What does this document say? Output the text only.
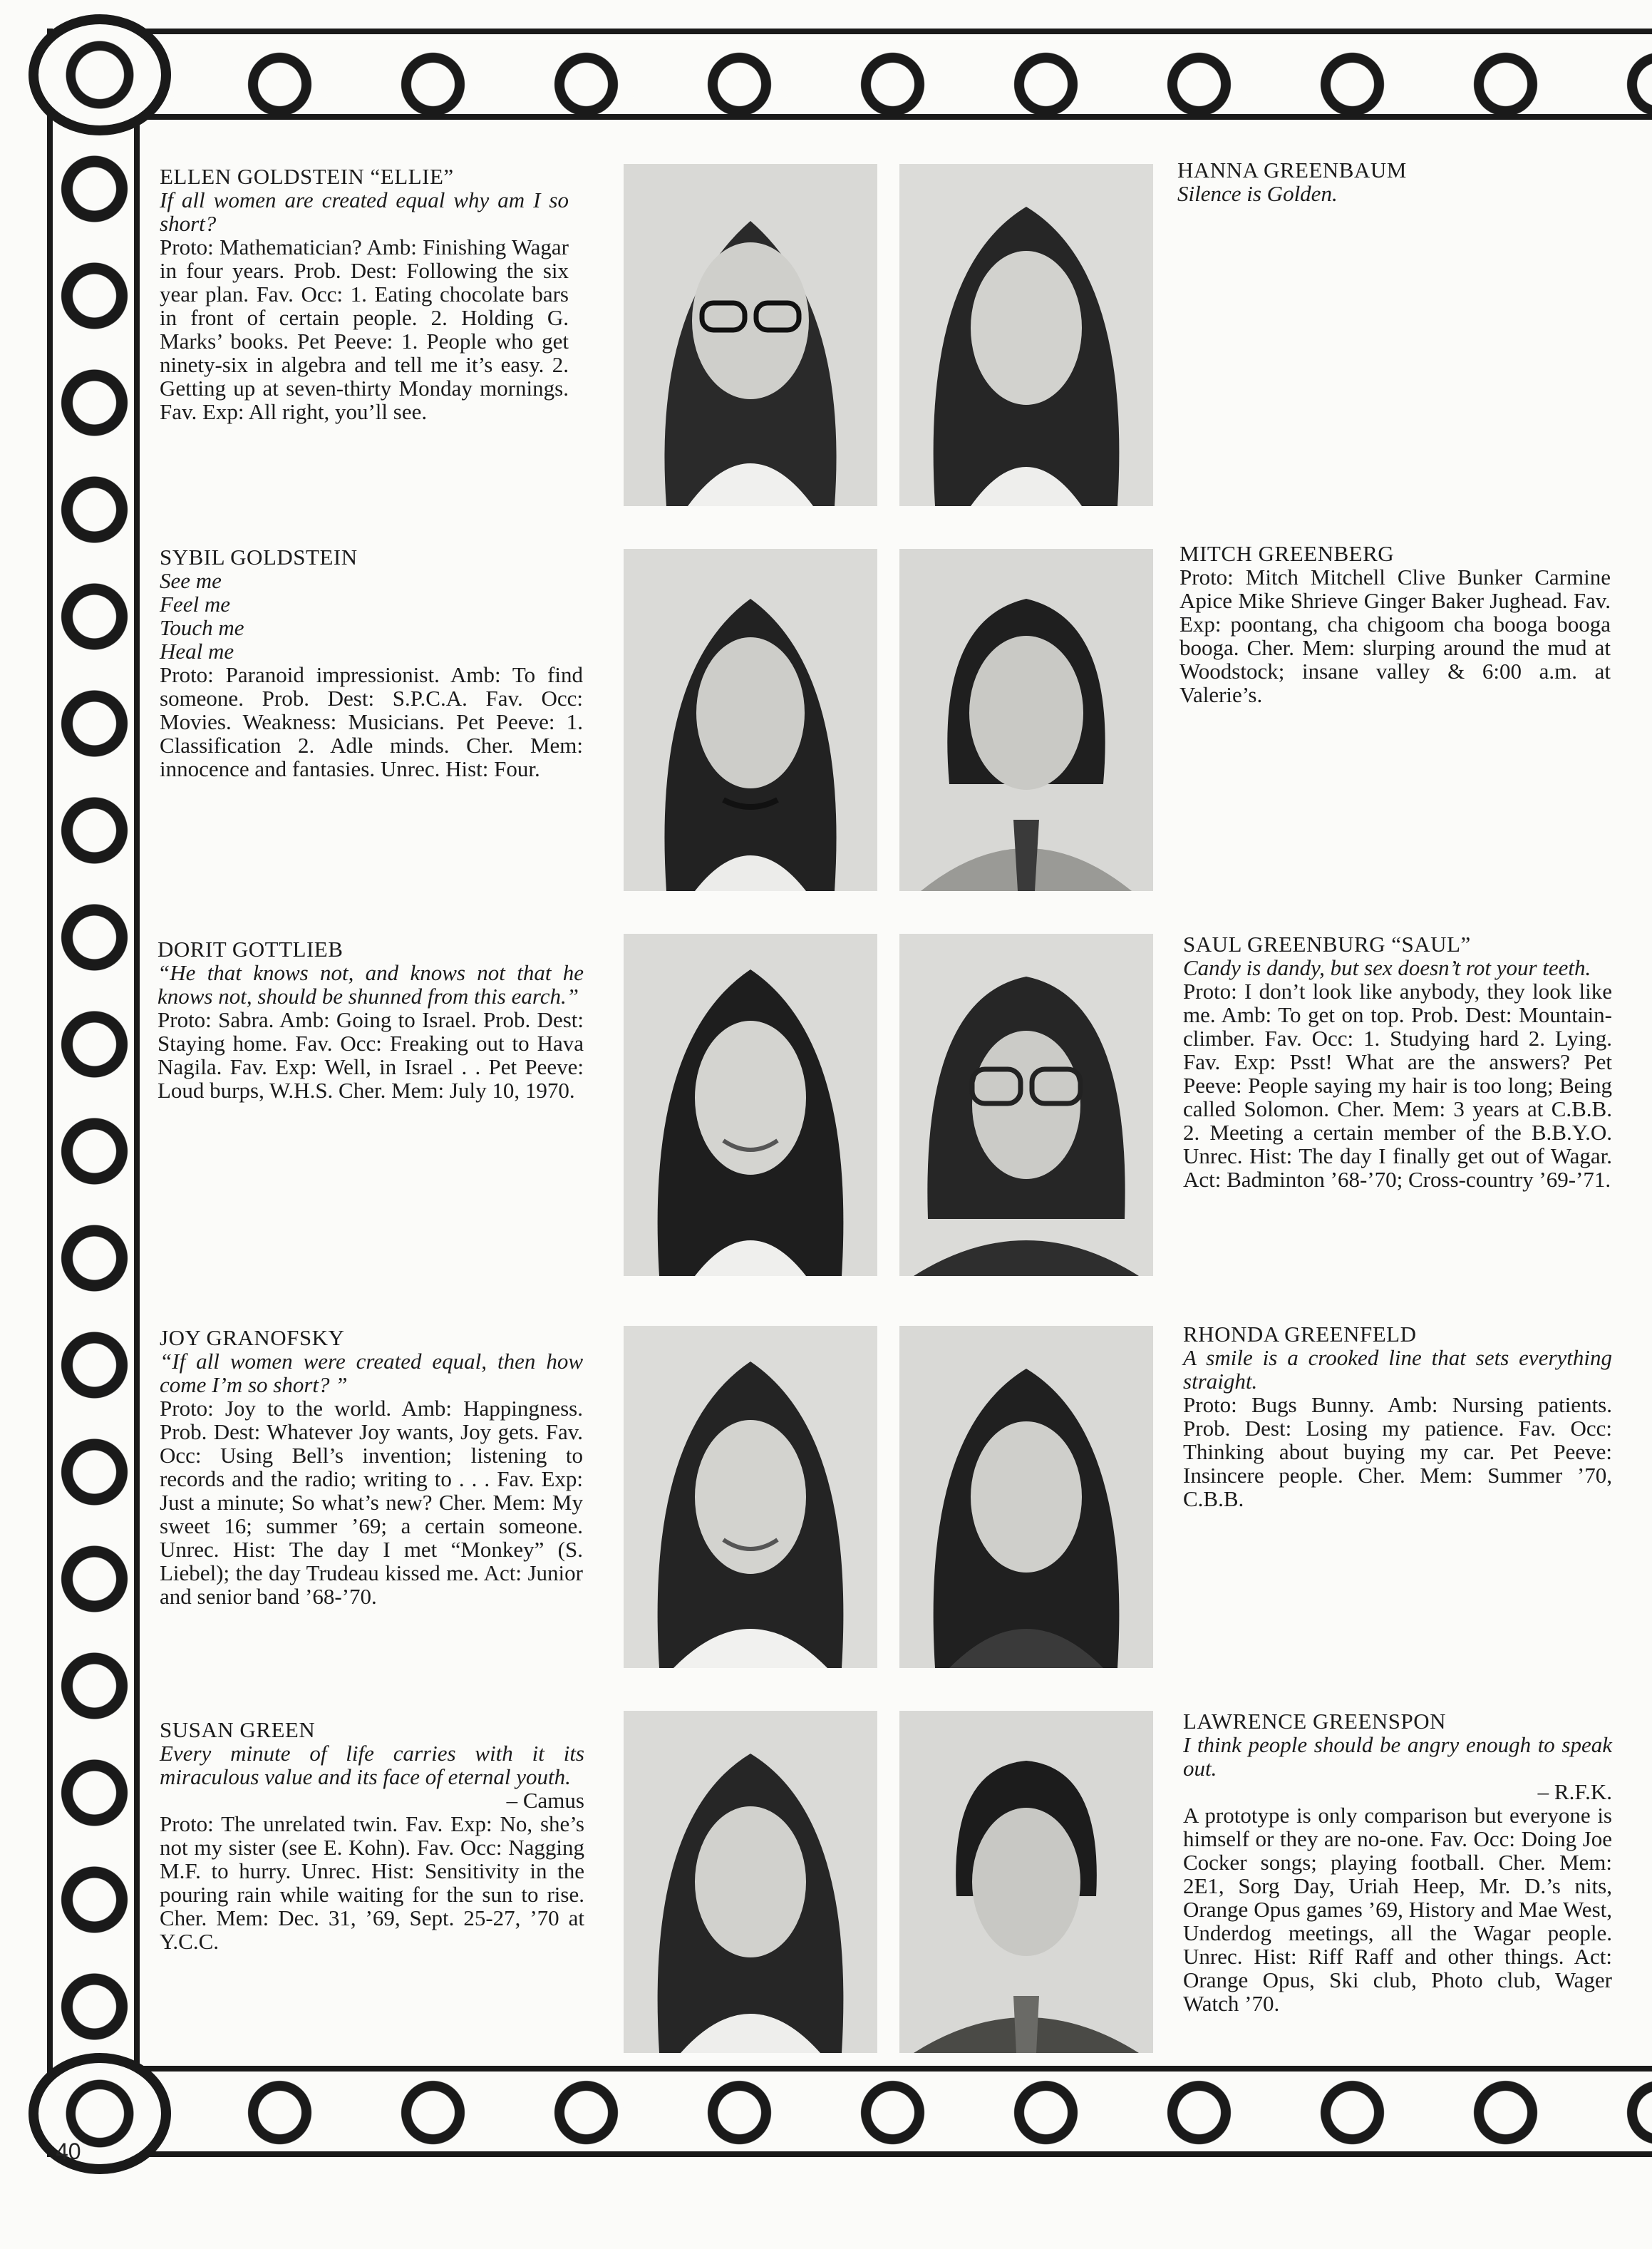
ELLEN GOLDSTEIN “ELLIE”
If all women are created equal why am I so short?
Proto: Mathematician? Amb: Finishing Wagar in four years. Prob. Dest: Following the six year plan. Fav. Occ: 1. Eating chocolate bars in front of certain people. 2. Holding G. Marks’ books. Pet Peeve: 1. People who get ninety-six in algebra and tell me it’s easy. 2. Getting up at seven-thirty Monday mornings. Fav. Exp: All right, you’ll see.
SYBIL GOLDSTEIN
See me
Feel me
Touch me
Heal me
Proto: Paranoid impressionist. Amb: To find someone. Prob. Dest: S.P.C.A. Fav. Occ: Movies. Weakness: Musicians. Pet Peeve: 1. Classification 2. Adle minds. Cher. Mem: innocence and fantasies. Unrec. Hist: Four.
DORIT GOTTLIEB
“He that knows not, and knows not that he knows not, should be shunned from this earch.”
Proto: Sabra. Amb: Going to Israel. Prob. Dest: Staying home. Fav. Occ: Freaking out to Hava Nagila. Fav. Exp: Well, in Israel . . Pet Peeve: Loud burps, W.H.S. Cher. Mem: July 10, 1970.
JOY GRANOFSKY
“If all women were created equal, then how come I’m so short? ”
Proto: Joy to the world. Amb: Happingness. Prob. Dest: Whatever Joy wants, Joy gets. Fav. Occ: Using Bell’s invention; listening to records and the radio; writing to . . . Fav. Exp: Just a minute; So what’s new? Cher. Mem: My sweet 16; summer ’69; a certain someone. Unrec. Hist: The day I met “Monkey” (S. Liebel); the day Trudeau kissed me. Act: Junior and senior band ’68-’70.
SUSAN GREEN
Every minute of life carries with it its miraculous value and its face of eternal youth.
– Camus
Proto: The unrelated twin. Fav. Exp: No, she’s not my sister (see E. Kohn). Fav. Occ: Nagging M.F. to hurry. Unrec. Hist: Sensitivity in the pouring rain while waiting for the sun to rise. Cher. Mem: Dec. 31, ’69, Sept. 25-27, ’70 at Y.C.C.
HANNA GREENBAUM
Silence is Golden.
MITCH GREENBERG
Proto: Mitch Mitchell Clive Bunker Carmine Apice Mike Shrieve Ginger Baker Jughead. Fav. Exp: poontang, cha chigoom cha booga booga booga. Cher. Mem: slurping around the mud at Woodstock; insane valley & 6:00 a.m. at Valerie’s.
SAUL GREENBURG “SAUL”
Candy is dandy, but sex doesn’t rot your teeth.
Proto: I don’t look like anybody, they look like me. Amb: To get on top. Prob. Dest: Mountain-climber. Fav. Occ: 1. Studying hard 2. Lying. Fav. Exp: Psst! What are the answers? Pet Peeve: People saying my hair is too long; Being called Solomon. Cher. Mem: 3 years at C.B.B. 2. Meeting a certain member of the B.B.Y.O. Unrec. Hist: The day I finally get out of Wagar. Act: Badminton ’68-’70; Cross-country ’69-’71.
RHONDA GREENFELD
A smile is a crooked line that sets everything straight.
Proto: Bugs Bunny. Amb: Nursing patients. Prob. Dest: Losing my patience. Fav. Occ: Thinking about buying my car. Pet Peeve: Insincere people. Cher. Mem: Summer ’70, C.B.B.
LAWRENCE GREENSPON
I think people should be angry enough to speak out.
– R.F.K.
A prototype is only comparison but everyone is himself or they are no-one. Fav. Occ: Doing Joe Cocker songs; playing football. Cher. Mem: 2E1, Sorg Day, Uriah Heep, Mr. D.’s nits, Orange Opus games ’69, History and Mae West, Underdog meetings, all the Wagar people. Unrec. Hist: Riff Raff and other things. Act: Orange Opus, Ski club, Photo club, Wager Watch ’70.
40
